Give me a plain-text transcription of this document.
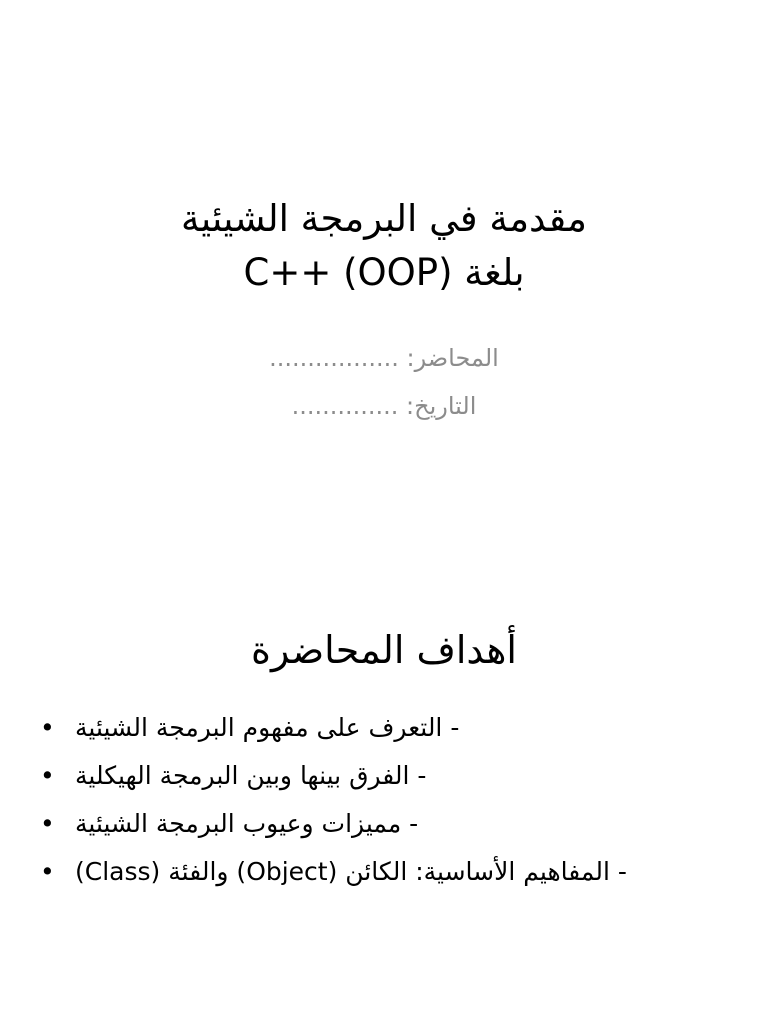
مقدمة في البرمجة الشيئية
بلغة C++ (OOP)
المحاضر: .................
التاريخ: ..............
أهداف المحاضرة
• - التعرف على مفهوم البرمجة الشيئية
• - الفرق بينها وبين البرمجة الهيكلية
• - مميزات وعيوب البرمجة الشيئية
• - المفاهيم الأساسية: الكائن (Object) والفئة (Class)
